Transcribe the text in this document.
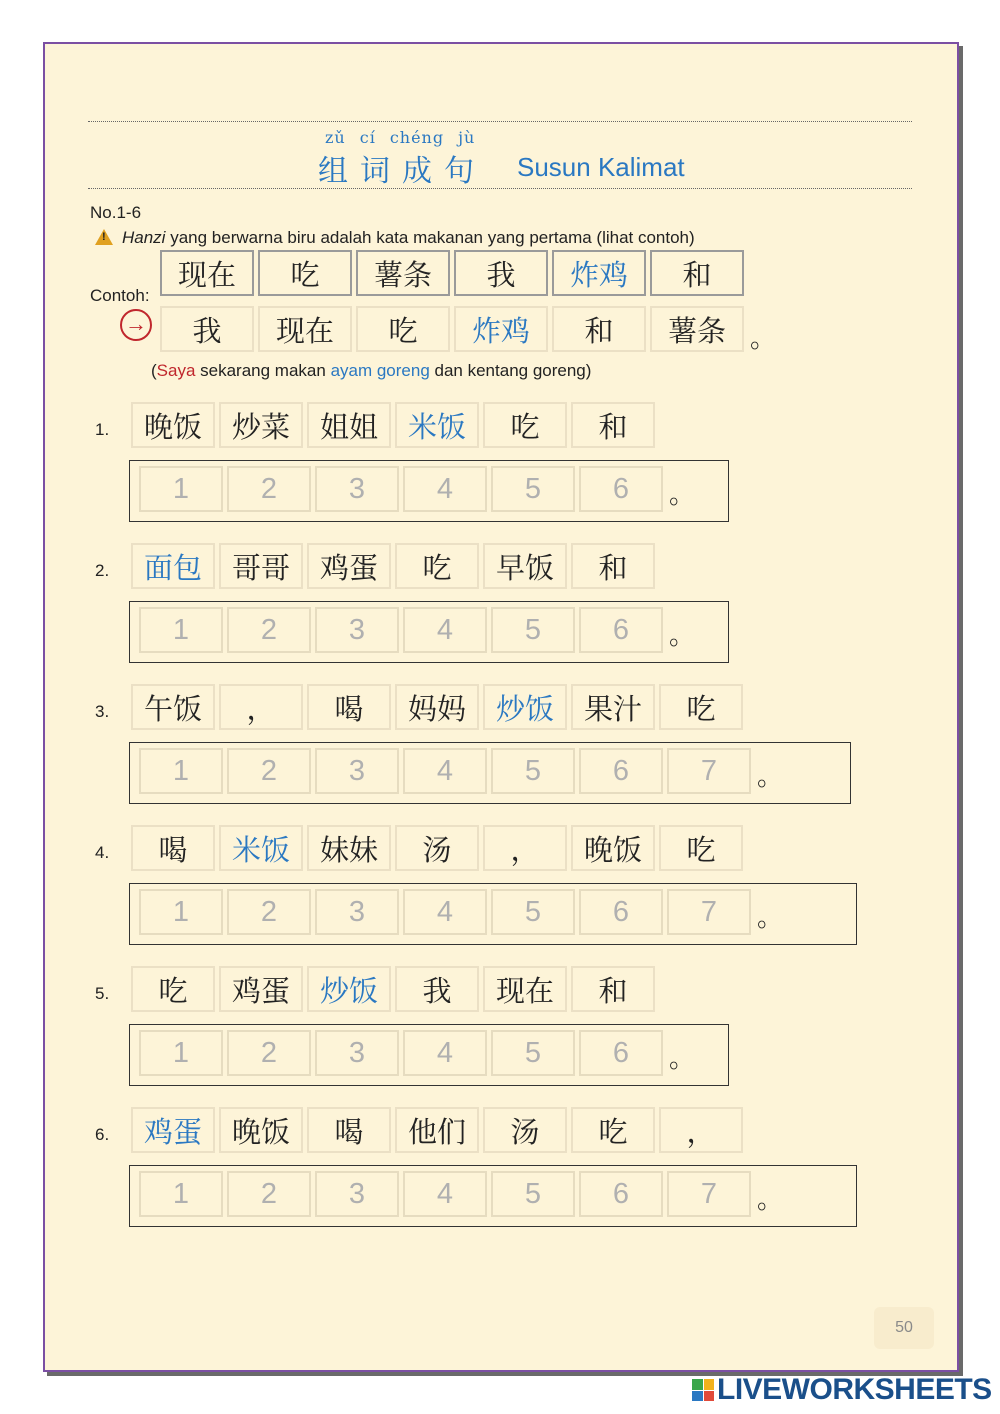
zǔ cí chéng jù
组词成句 Susun Kalimat
No.1-6
!
Hanzi yang berwarna biru adalah kata makanan yang pertama (lihat contoh)
Contoh:
现在	吃	薯条	我	炸鸡	和
我	现在	吃	炸鸡	和	薯条 。
→
(Saya sekarang makan ayam goreng dan kentang goreng)
1.	晚饭	炒菜	姐姐	米饭	吃	和
1	2	3	4	5	6	。
2.	面包	哥哥	鸡蛋	吃	早饭	和
1	2	3	4	5	6	。
3.	午饭	，	喝	妈妈	炒饭	果汁	吃
1	2	3	4	5	6	7	。
4.	喝	米饭	妹妹	汤	，	晚饭	吃
1	2	3	4	5	6	7	。
5.	吃	鸡蛋	炒饭	我	现在	和
1	2	3	4	5	6	。
6.	鸡蛋	晚饭	喝	他们	汤	吃	，
1	2	3	4	5	6	7	。
50
LIVEWORKSHEETS
